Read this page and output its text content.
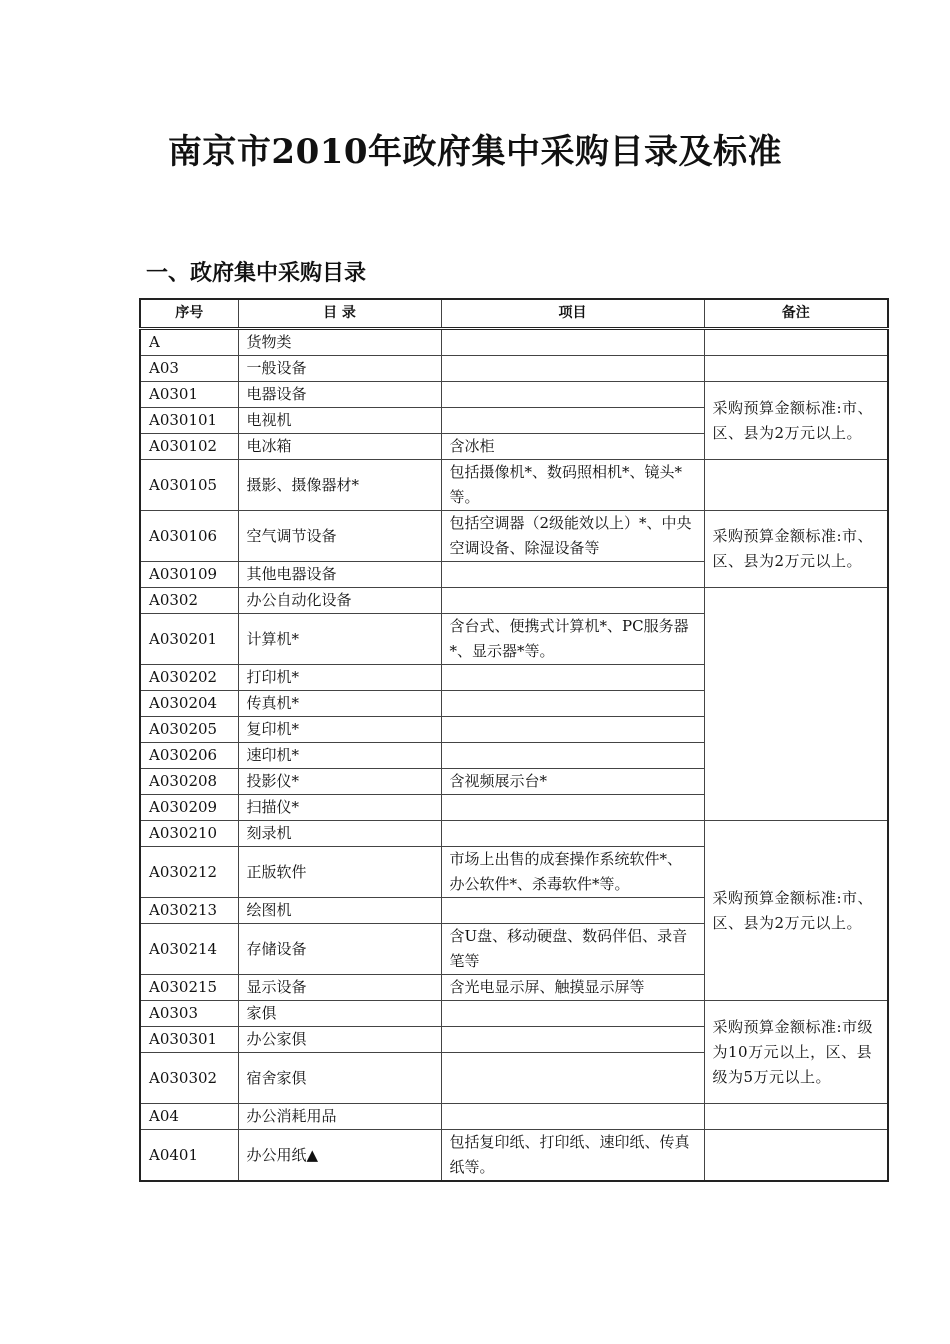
南京市2010年政府集中采购目录及标准
一、政府集中采购目录
序号	目 录	项目	备注
A	货物类		
A03	一般设备		
A0301	电器设备		采购预算金额标准:市、区、县为2万元以上。
A030101	电视机		
A030102	电冰箱	含冰柜	
A030105	摄影、摄像器材*	包括摄像机*、数码照相机*、镜头*等。	
A030106	空气调节设备	包括空调器（2级能效以上）*、中央空调设备、除湿设备等	采购预算金额标准:市、区、县为2万元以上。
A030109	其他电器设备		
A0302	办公自动化设备		
A030201	计算机*	含台式、便携式计算机*、PC服务器*、显示器*等。	
A030202	打印机*		
A030204	传真机*		
A030205	复印机*		
A030206	速印机*		
A030208	投影仪*	含视频展示台*	
A030209	扫描仪*		
A030210	刻录机		采购预算金额标准:市、区、县为2万元以上。
A030212	正版软件	市场上出售的成套操作系统软件*、办公软件*、杀毒软件*等。	
A030213	绘图机		
A030214	存储设备	含U盘、移动硬盘、数码伴侣、录音笔等	
A030215	显示设备	含光电显示屏、触摸显示屏等	
A0303	家俱		采购预算金额标准:市级为10万元以上，区、县级为5万元以上。
A030301	办公家俱		
A030302	宿舍家俱		
A04	办公消耗用品		
A0401	办公用纸▲	包括复印纸、打印纸、速印纸、传真纸等。	
